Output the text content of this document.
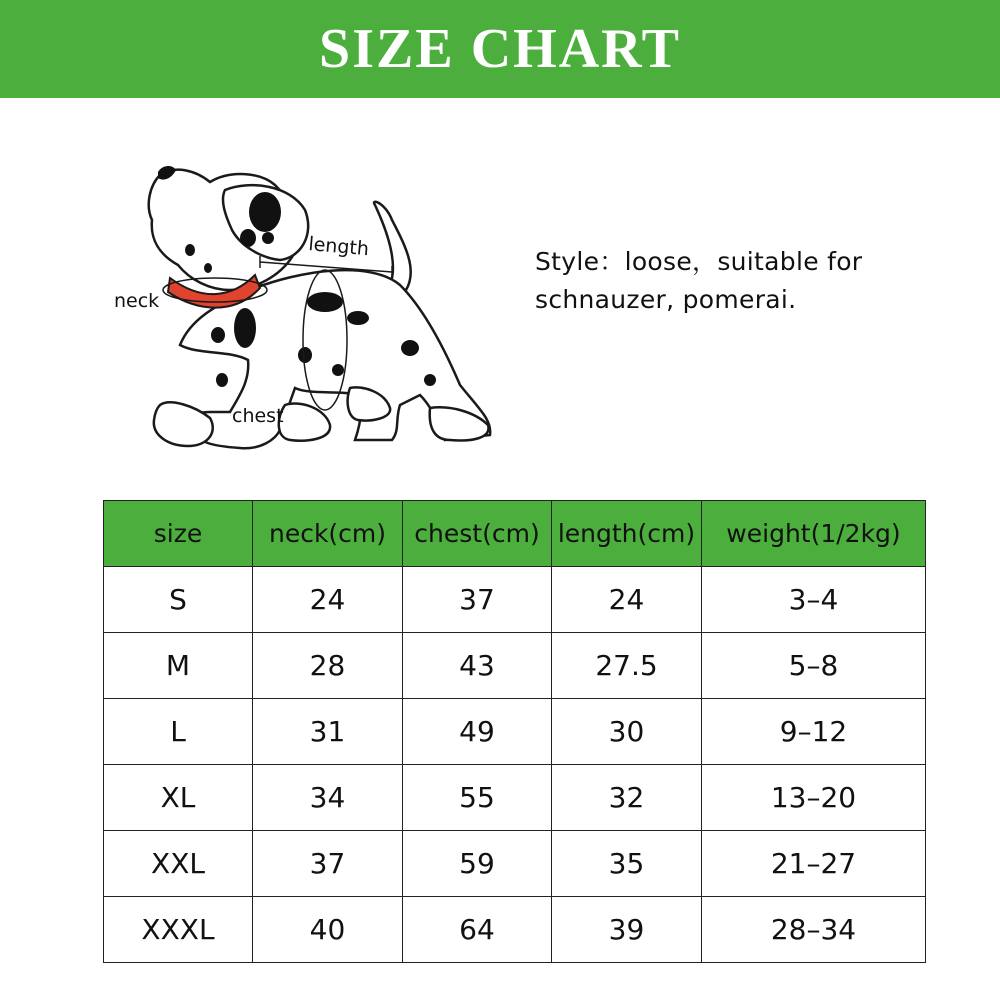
SIZE CHART
neck
length
chest
Style：loose，suitable for
schnauzer, pomerai.
size	neck(cm)	chest(cm)	length(cm)	weight(1/2kg)
S	24	37	24	3–4
M	28	43	27.5	5–8
L	31	49	30	9–12
XL	34	55	32	13–20
XXL	37	59	35	21–27
XXXL	40	64	39	28–34
